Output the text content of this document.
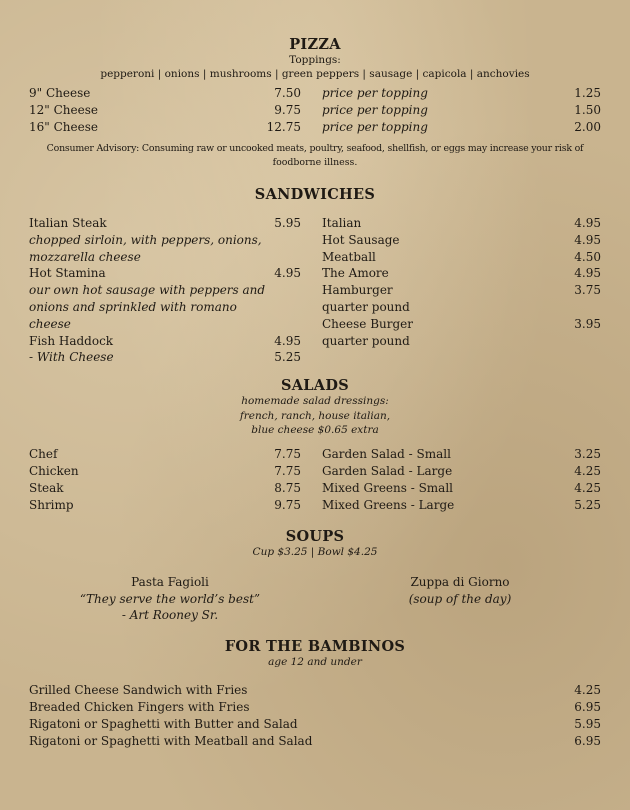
PIZZA
Toppings:
pepperoni | onions | mushrooms | green peppers | sausage | capicola | anchovies
9" Cheese	7.50 price per topping	1.25
12" Cheese	9.75 price per topping	1.50
16" Cheese	12.75 price per topping	2.00
Consumer Advisory: Consuming raw or uncooked meats, poultry, seafood, shellfish, or eggs may increase your risk of
foodborne illness.
SANDWICHES
Italian Steak	5.95
chopped sirloin, with peppers, onions,
mozzarella cheese
Hot Stamina	4.95
our own hot sausage with peppers and
onions and sprinkled with romano
cheese
Fish Haddock	4.95
- With Cheese	5.25
Italian	4.95
Hot Sausage	4.95
Meatball	4.50
The Amore	4.95
Hamburger	3.75
quarter pound
Cheese Burger	3.95
quarter pound
SALADS
homemade salad dressings:
french, ranch, house italian,
blue cheese $0.65 extra
Chef	7.75
Chicken	7.75
Steak	8.75
Shrimp	9.75
Garden Salad - Small	3.25
Garden Salad - Large	4.25
Mixed Greens - Small	4.25
Mixed Greens - Large	5.25
SOUPS
Cup $3.25 | Bowl $4.25
Pasta Fagioli
“They serve the world’s best”
- Art Rooney Sr.
Zuppa di Giorno
(soup of the day)
FOR THE BAMBINOS
age 12 and under
Grilled Cheese Sandwich with Fries	4.25
Breaded Chicken Fingers with Fries	6.95
Rigatoni or Spaghetti with Butter and Salad	5.95
Rigatoni or Spaghetti with Meatball and Salad	6.95
